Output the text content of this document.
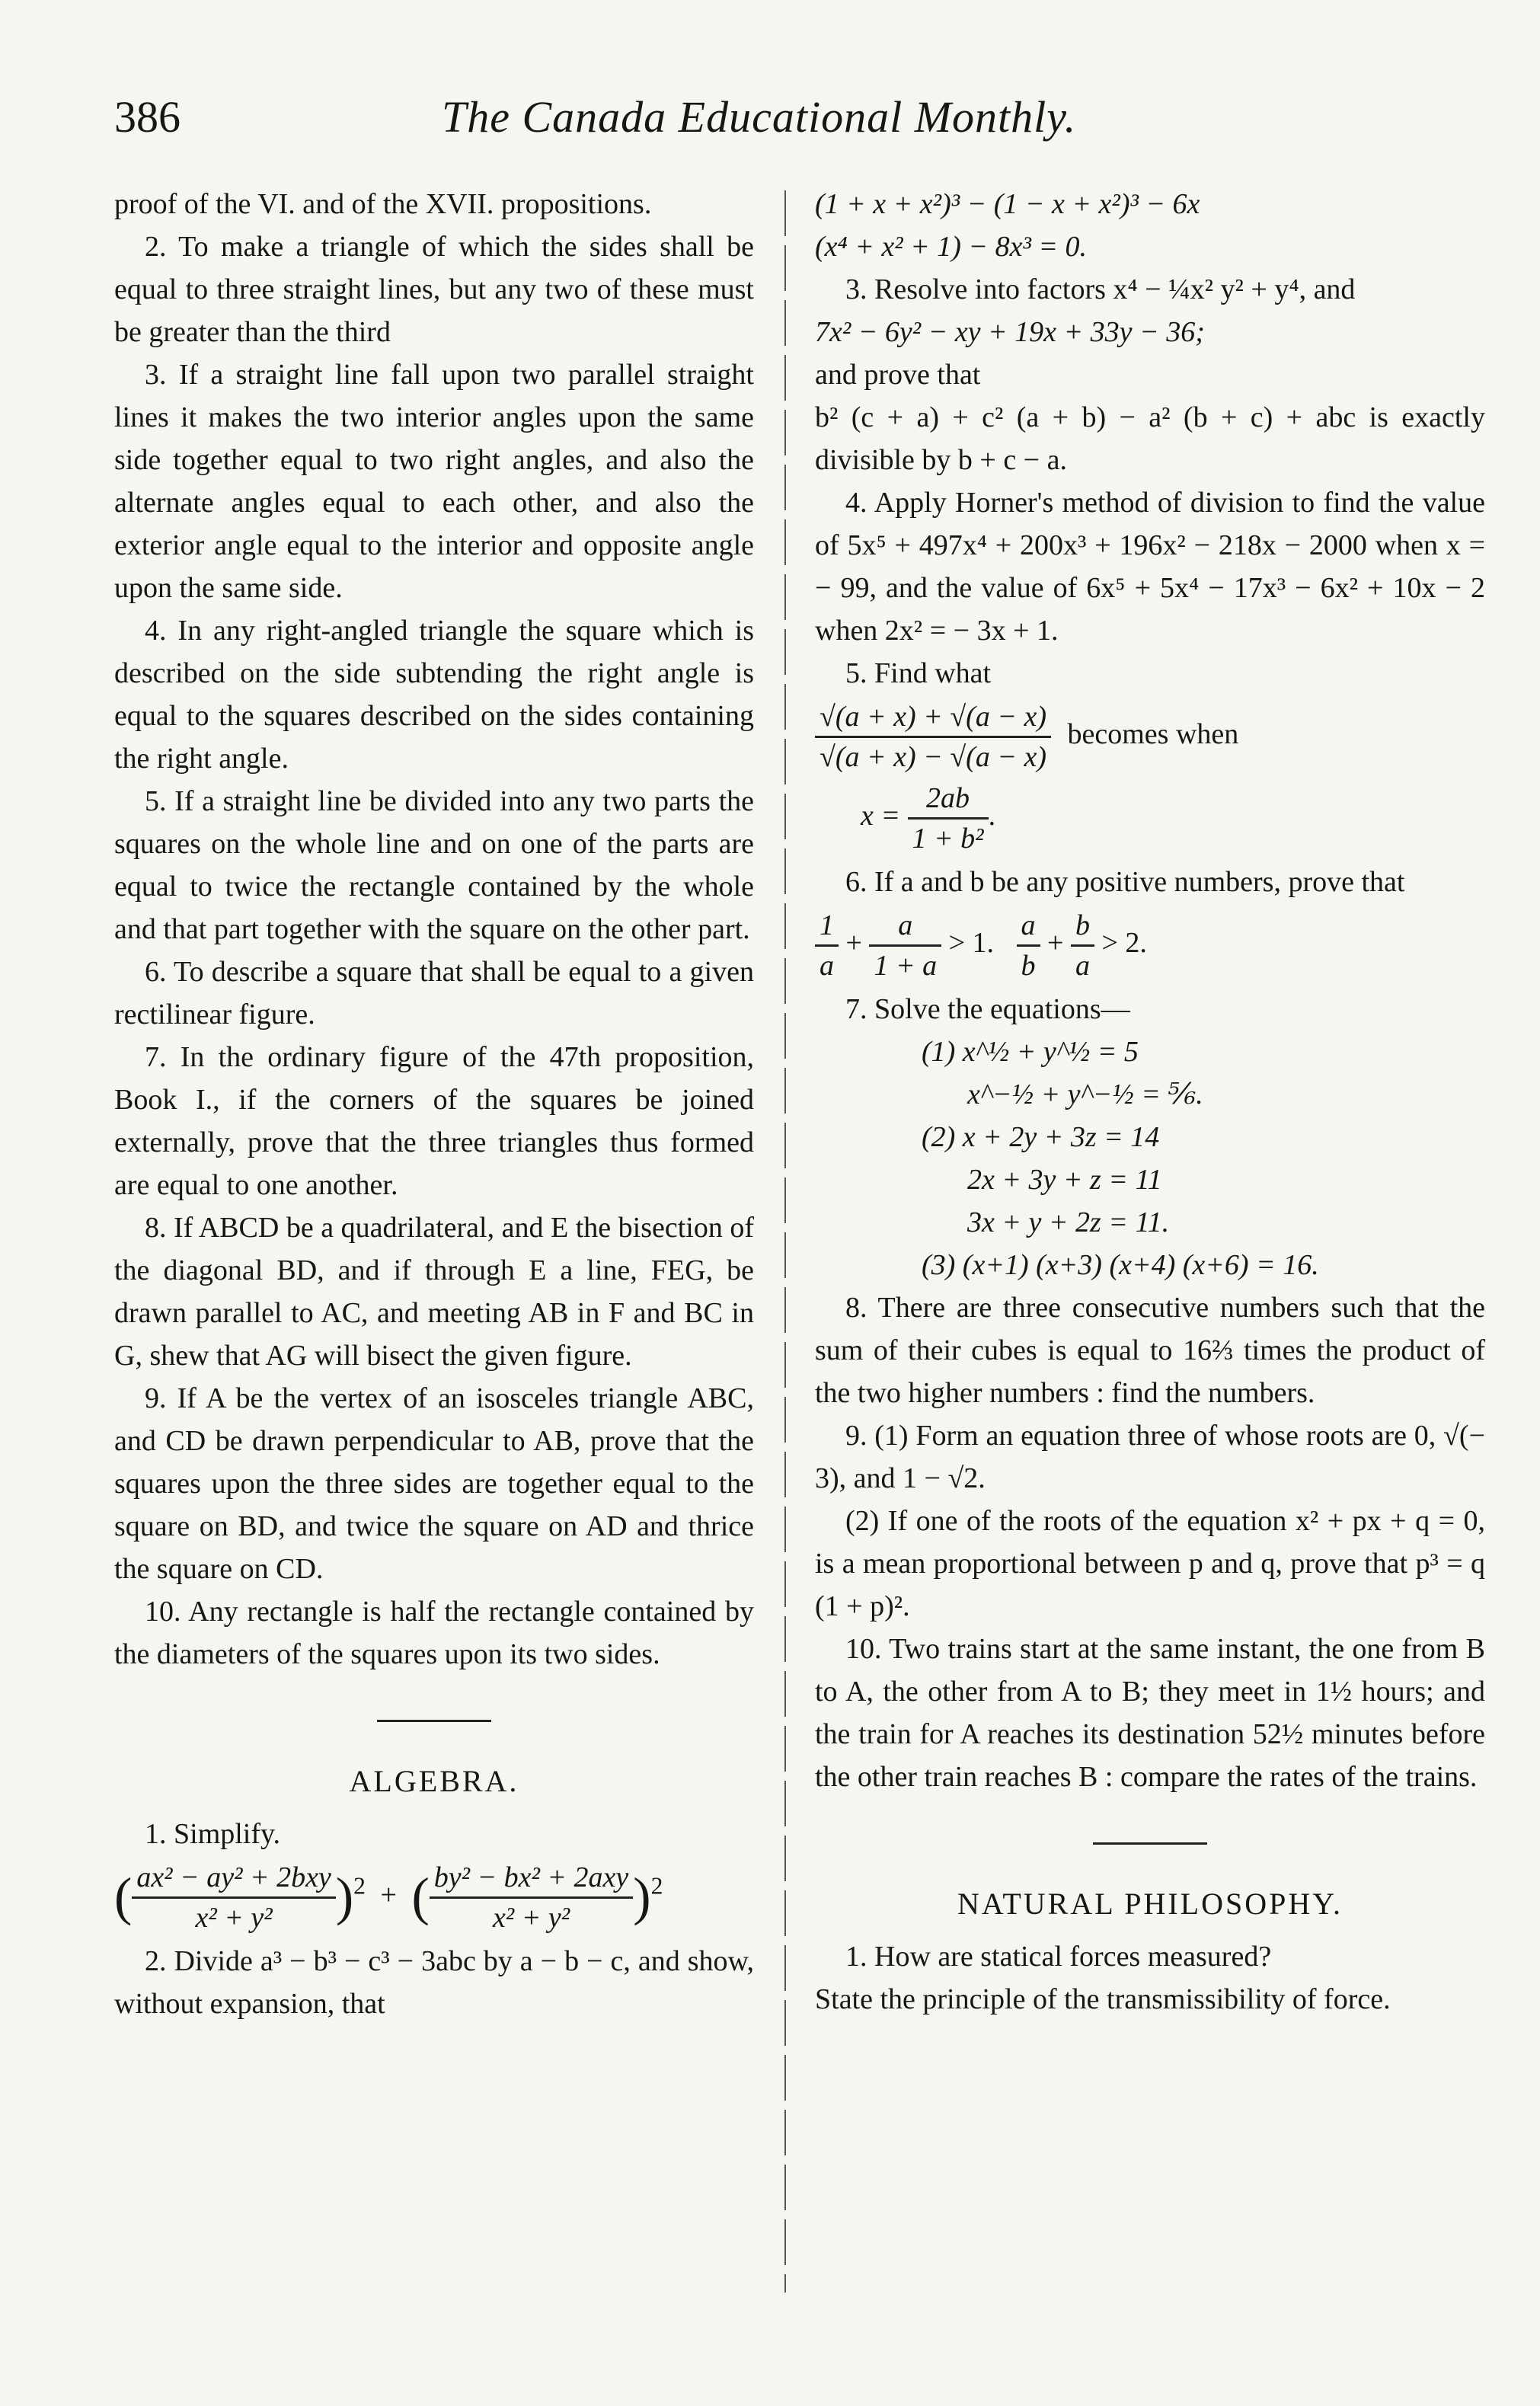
386	The Canada Educational Monthly.

proof of the VI. and of the XVII. propositions.

2. To make a triangle of which the sides shall be equal to three straight lines, but any two of these must be greater than the third

3. If a straight line fall upon two parallel straight lines it makes the two interior angles upon the same side together equal to two right angles, and also the alternate angles equal to each other, and also the exterior angle equal to the interior and opposite angle upon the same side.

4. In any right-angled triangle the square which is described on the side subtending the right angle is equal to the squares described on the sides containing the right angle.

5. If a straight line be divided into any two parts the squares on the whole line and on one of the parts are equal to twice the rectangle contained by the whole and that part together with the square on the other part.

6. To describe a square that shall be equal to a given rectilinear figure.

7. In the ordinary figure of the 47th proposition, Book I., if the corners of the squares be joined externally, prove that the three triangles thus formed are equal to one another.

8. If ABCD be a quadrilateral, and E the bisection of the diagonal BD, and if through E a line, FEG, be drawn parallel to AC, and meeting AB in F and BC in G, shew that AG will bisect the given figure.

9. If A be the vertex of an isosceles triangle ABC, and CD be drawn perpendicular to AB, prove that the squares upon the three sides are together equal to the square on BD, and twice the square on AD and thrice the square on CD.

10. Any rectangle is half the rectangle contained by the diameters of the squares upon its two sides.

ALGEBRA.

1. Simplify.

( $\frac{\text{ax² − ay² + 2bxy}}{\text{x² + y²}} )^2$ + ( $\frac{\text{by² − bx² + 2axy}}{\text{x² + y²}} )^2$

2. Divide a³ − b³ − c³ − 3abc by a − b − c, and show, without expansion, that

(1 + x + x²)³ − (1 − x + x²)³ − 6x

(x⁴ + x² + 1) − 8x³ = 0.

3. Resolve into factors x⁴ − ¼x² y² + y⁴, and

7x² − 6y² − xy + 19x + 33y − 36;

and prove that

b² (c + a) + c² (a + b) − a² (b + c) + abc is exactly divisible by b + c − a.

4. Apply Horner's method of division to find the value of 5x⁵ + 497x⁴ + 200x³ + 196x² − 218x − 2000 when x = − 99, and the value of 6x⁵ + 5x⁴ − 17x³ − 6x² + 10x − 2 when 2x² = − 3x + 1.

5. Find what

$\frac{√(a + x) + √(a - x)}{√(a + x) - √(a - x)}$ becomes when
$x = \frac{2ab}{\text{1 + b²}}$ .

6. If a and b be any positive numbers, prove that

$\frac{1}{a} + \frac{a}{1 + a} > 1$. $\frac{a}{b} + \frac{b}{a} > 2$.

7. Solve the equations—

(1) x^½ + y^½ = 5

x^−½ + y^−½ = ⅚.

(2) x + 2y + 3z = 14

2x + 3y + z = 11

3x + y + 2z = 11.

(3) (x+1) (x+3) (x+4) (x+6) = 16.

8. There are three consecutive numbers such that the sum of their cubes is equal to 16⅔ times the product of the two higher numbers : find the numbers.

9. (1) Form an equation three of whose roots are 0, √(− 3), and 1 − √2.

(2) If one of the roots of the equation x² + px + q = 0, is a mean proportional between p and q, prove that p³ = q (1 + p)².

10. Two trains start at the same instant, the one from B to A, the other from A to B; they meet in 1½ hours; and the train for A reaches its destination 52½ minutes before the other train reaches B : compare the rates of the trains.

NATURAL PHILOSOPHY.

1. How are statical forces measured?

State the principle of the transmissibility of force.
